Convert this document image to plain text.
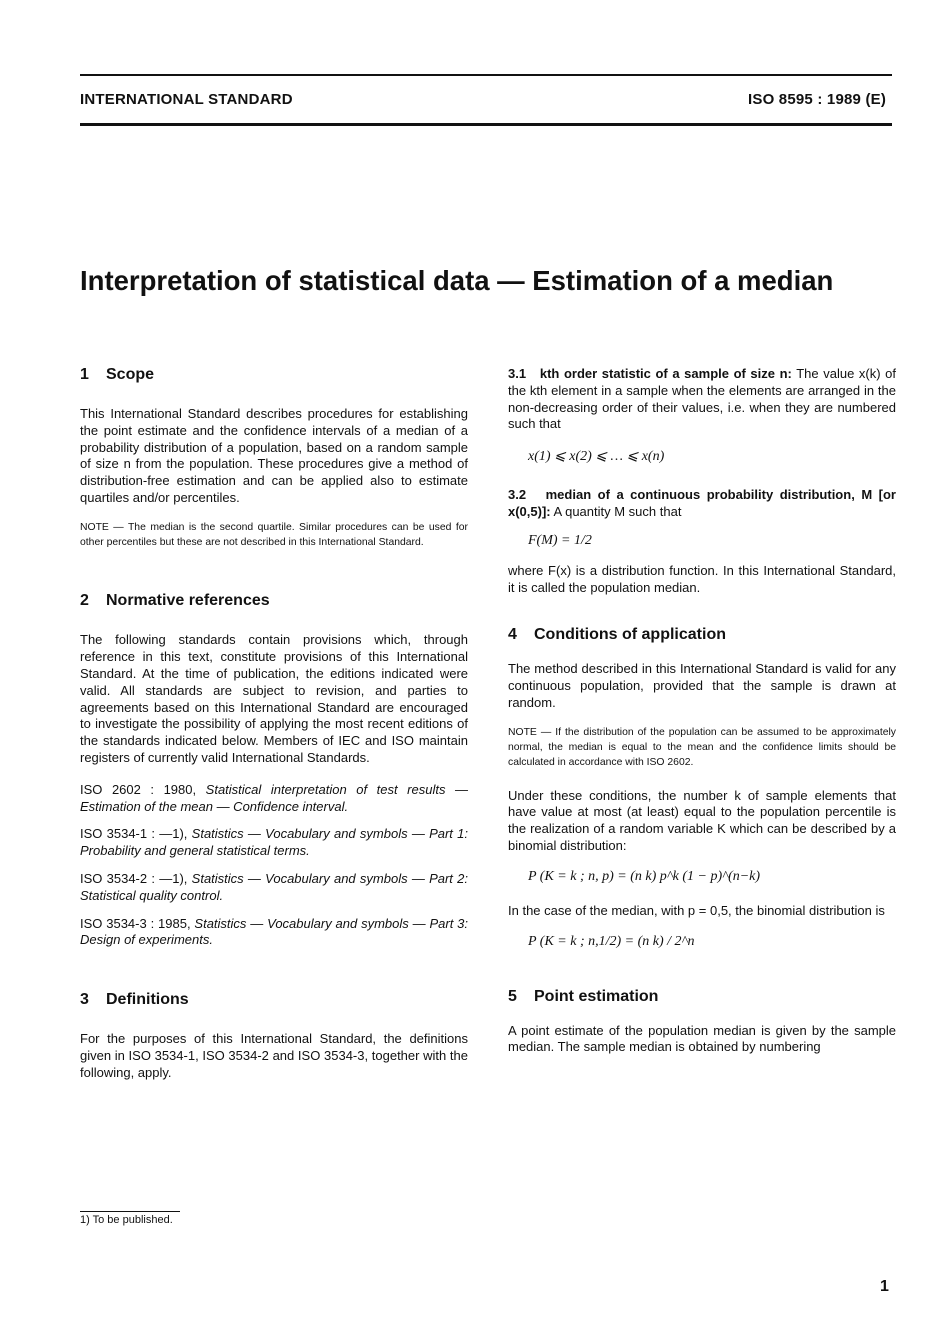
INTERNATIONAL STANDARD	ISO 8595 : 1989 (E)
Interpretation of statistical data — Estimation of a median
1 Scope

This International Standard describes procedures for establishing the point estimate and the confidence intervals of a median of a probability distribution of a population, based on a random sample of size n from the population. These procedures give a method of distribution-free estimation and can be applied also to estimate quartiles and/or percentiles.

NOTE — The median is the second quartile. Similar procedures can be used for other percentiles but these are not described in this International Standard.
2 Normative references

The following standards contain provisions which, through reference in this text, constitute provisions of this International Standard. At the time of publication, the editions indicated were valid. All standards are subject to revision, and parties to agreements based on this International Standard are encouraged to investigate the possibility of applying the most recent editions of the standards indicated below. Members of IEC and ISO maintain registers of currently valid International Standards.

ISO 2602 : 1980, Statistical interpretation of test results — Estimation of the mean — Confidence interval.
ISO 3534-1 : —1), Statistics — Vocabulary and symbols — Part 1: Probability and general statistical terms.
ISO 3534-2 : —1), Statistics — Vocabulary and symbols — Part 2: Statistical quality control.
ISO 3534-3 : 1985, Statistics — Vocabulary and symbols — Part 3: Design of experiments.
3 Definitions

For the purposes of this International Standard, the definitions given in ISO 3534-1, ISO 3534-2 and ISO 3534-3, together with the following, apply.

3.1 kth order statistic of a sample of size n: The value x(k) of the kth element in a sample when the elements are arranged in the non-decreasing order of their values, i.e. when they are numbered such that

x(1) ⩽ x(2) ⩽ … ⩽ x(n)

3.2 median of a continuous probability distribution, M [or x(0,5)]: A quantity M such that

F(M) = 1/2

where F(x) is a distribution function. In this International Standard, it is called the population median.

4 Conditions of application

The method described in this International Standard is valid for any continuous population, provided that the sample is drawn at random.

NOTE — If the distribution of the population can be assumed to be approximately normal, the median is equal to the mean and the confidence limits should be calculated in accordance with ISO 2602.

Under these conditions, the number k of sample elements that have value at most (at least) equal to the population percentile is the realization of a random variable K which can be described by a binomial distribution:

P (K = k ; n, p) = (n k) p^k (1 − p)^(n−k)

In the case of the median, with p = 0,5, the binomial distribution is

P (K = k ; n,1/2) = (n k) / 2^n
5 Point estimation

A point estimate of the population median is given by the sample median. The sample median is obtained by numbering

1) To be published.
1
